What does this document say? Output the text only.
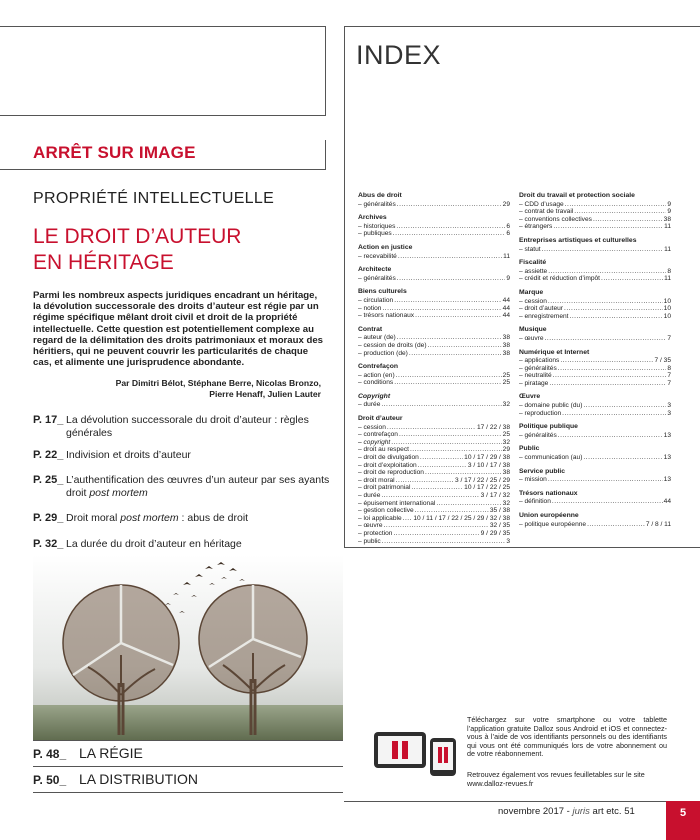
INDEX
ARRÊT SUR IMAGE
PROPRIÉTÉ INTELLECTUELLE
LE DROIT D’AUTEUR
EN HÉRITAGE
Parmi les nombreux aspects juridiques encadrant un héritage, la dévolution successorale des droits d’auteur est régie par un régime spécifique mêlant droit civil et droit de la propriété intellectuelle. Cette question est potentiellement complexe au regard de la délimitation des droits patrimoniaux et moraux des héritiers, qui ne peuvent couvrir les particularités de chaque cas, et alimente une jurisprudence abondante.
Par Dimitri Bélot, Stéphane Berre, Nicolas Bronzo,
Pierre Henaff, Julien Lauter
P. 17_ La dévolution successorale du droit d’auteur : règles générales
P. 22_ Indivision et droits d’auteur
P. 25_ L’authentification des œuvres d’un auteur par ses ayants droit post mortem
P. 29_ Droit moral post mortem : abus de droit
P. 32_ La durée du droit d’auteur en héritage
P. 48_ LA RÉGIE
P. 50_ LA DISTRIBUTION
Abus de droit
– généralités .....	29
Archives
– historiques .....	6
– publiques .....	6
Action en justice
– recevabilité .....	11
Architecte
– généralités .....	9
Biens culturels
– circulation .....	44
– notion .....	44
– trésors nationaux .....	44
Contrat
– auteur (de) .....	38
– cession de droits (de) .....	38
– production (de) .....	38
Contrefaçon
– action (en) .....	25
– conditions .....	25
Copyright
– durée .....	32
Droit d’auteur
– cession .....	17 / 22 / 38
– contrefaçon .....	25
– copyright .....	32
– droit au respect .....	29
– droit de divulgation .....	10 / 17 / 29 / 38
– droit d’exploitation .....	3 / 10 / 17 / 38
– droit de reproduction .....	38
– droit moral .....	3 / 17 / 22 / 25 / 29
– droit patrimonial .....	10 / 17 / 22 / 25
– durée .....	3 / 17 / 32
– épuisement international .....	32
– gestion collective .....	35 / 38
– loi applicable ..... 10 / 11 / 17 / 22 / 25 / 29 / 32 / 38
– œuvre .....	32 / 35
– protection .....	9 / 29 / 35
– public .....	3
Droit du travail et protection sociale
– CDD d’usage .....	9
– contrat de travail .....	9
– conventions collectives .....	38
– étrangers .....	11
Entreprises artistiques et culturelles
– statut .....	11
Fiscalité
– assiette .....	8
– crédit et réduction d’impôt .....	11
Marque
– cession .....	10
– droit d’auteur .....	10
– enregistrement .....	10
Musique
– œuvre .....	7
Numérique et Internet
– applications .....	7 / 35
– généralités .....	8
– neutralité .....	7
– piratage .....	7
Œuvre
– domaine public (du) .....	3
– reproduction .....	3
Politique publique
– généralités .....	13
Public
– communication (au) .....	13
Service public
– mission .....	13
Trésors nationaux
– définition .....	44
Union européenne
– politique européenne .....	7 / 8 / 11
Téléchargez sur votre smartphone ou votre tablette l’application gratuite Dalloz sous Android et iOS et connectez-vous à l’aide de vos identifiants personnels ou des identifiants qui vous ont été communiqués lors de votre abonnement ou de votre réabonnement.
Retrouvez également vos revues feuilletables sur le site www.dalloz-revues.fr
novembre 2017 - juris art etc. 51	5
